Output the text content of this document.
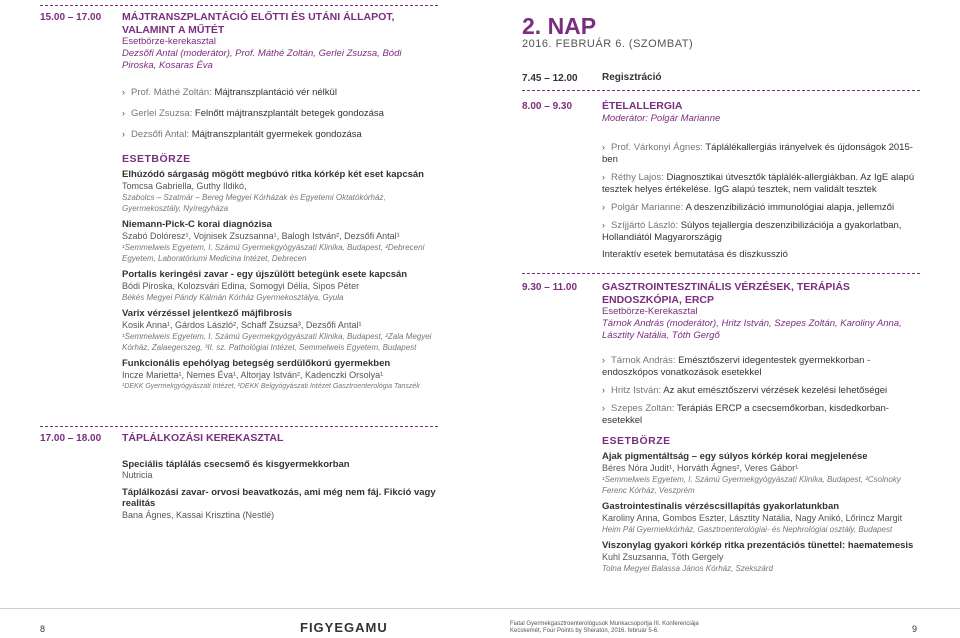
15.00 – 17.00 MÁJTRANSZPLANTÁCIÓ ELŐTTI ÉS UTÁNI ÁLLAPOT, VALAMINT A MŰTÉT
Esetbörze-kerekasztal
Dezsőfi Antal (moderátor), Prof. Máthé Zoltán, Gerlei Zsuzsa, Bódi Piroska, Kosaras Éva
› Prof. Máthé Zoltán: Májtranszplantáció vér nélkül
› Gerlei Zsuzsa: Felnőtt májtranszplantált betegek gondozása
› Dezsőfi Antal: Májtranszplantált gyermekek gondozása
ESETBÖRZE
Elhúzódó sárgaság mögött megbúvó ritka kórkép két eset kapcsán
Tomcsa Gabriella, Guthy Ildikó,
Szabolcs – Szatmár – Bereg Megyei Kórházak és Egyetemi Oktatókórház, Gyermekosztály, Nyíregyháza
Niemann-Pick-C korai diagnózisa
Szabó Dolóresz¹, Vojnisek Zsuzsanna¹, Balogh István², Dezsőfi Antal¹
¹Semmelweis Egyetem, I. Számú Gyermekgyógyászati Klinika, Budapest, ²Debreceni Egyetem, Laboratóriumi Medicina Intézet, Debrecen
Portalis keringési zavar - egy újszülött betegünk esete kapcsán
Bódi Piroska, Kolozsvári Edina, Somogyi Délia, Sipos Péter
Békés Megyei Pándy Kálmán Kórház Gyermekosztálya, Gyula
Varix vérzéssel jelentkező májfibrosis
Kosik Anna¹, Gárdos László², Schaff Zsuzsa³, Dezsőfi Antal¹
¹Semmelweis Egyetem, I. Számú Gyermekgyógyászati Klinika, Budapest, ²Zala Megyei Kórház, Zalaegerszeg, ³II. sz. Pathológiai Intézet, Semmelweis Egyetem, Budapest
Funkcionális epehólyag betegség serdülőkorú gyermekben
Incze Marietta¹, Nemes Éva¹, Altorjay István², Kadenczki Orsolya¹
¹DEKK Gyermekgyógyászati Intézet, ²DEKK Belgyógyászati Intézet Gasztroenterológia Tanszék
17.00 – 18.00 TÁPLÁLKOZÁSI KEREKASZTAL
Speciális táplálás csecsemő és kisgyermekkorban
Nutricia
Táplálkozási zavar- orvosi beavatkozás, ami még nem fáj. Fikció vagy realitás
Bana Ágnes, Kassai Krisztina (Nestlé)
2. NAP
2016. FEBRUÁR 6. (SZOMBAT)
7.45 – 12.00 Regisztráció
8.00 – 9.30	ÉTELALLERGIA
Moderátor: Polgár Marianne
› Prof. Várkonyi Ágnes: Táplálékallergiás irányelvek és újdonságok 2015-ben
› Réthy Lajos: Diagnosztikai útvesztők táplálék-allergiákban. Az IgE alapú tesztek helyes értékelése. IgG alapú tesztek, nem validált tesztek
› Polgár Marianne: A deszenzibilizáció immunológiai alapja, jellemzői
› Szíjjártó László: Súlyos tejallergia deszenzibilizációja a gyakorlatban, Hollandiától Magyarországig
Interaktív esetek bemutatása és diszkusszió
9.30 – 11.00 GASZTROINTESZTINÁLIS VÉRZÉSEK, TERÁPIÁS ENDOSZKÓPIA, ERCP
Esetbörze-Kerekasztal
Tárnok András (moderátor), Hritz István, Szepes Zoltán, Karoliny Anna, Lásztity Natália, Tóth Gergő
› Tárnok András: Emésztőszervi idegentestek gyermekkorban - endoszkópos vonatkozások esetekkel
› Hritz István: Az akut emésztőszervi vérzések kezelési lehetőségei
› Szepes Zoltán: Terápiás ERCP a csecsemőkorban, kisdedkorban-esetekkel
ESETBÖRZE
Ajak pigmentáltság – egy súlyos kórkép korai megjelenése
Béres Nóra Judit¹, Horváth Ágnes², Veres Gábor¹
¹Semmelweis Egyetem, I. Számú Gyermekgyógyászati Klinika, Budapest, ²Csolnoky Ferenc Kórház, Veszprém
Gastrointestinalis vérzéscsillapítás gyakorlatunkban
Karoliny Anna, Gombos Eszter, Lásztity Natália, Nagy Anikó, Lőrincz Margit
Heim Pál Gyermekkórház, Gasztroenterológiai- és Nephrológiai osztály, Budapest
Viszonylag gyakori kórkép ritka prezentációs tünettel: haematemesis
Kuhl Zsuzsanna, Tóth Gergely
Tolna Megyei Balassa János Kórház, Szekszárd
8	FIGYEGAMU	Fiatal Gyermekgasztroenterológusok Munkacsoportja III. Konferenciája
Kecskemét, Four Points by Sheraton, 2016. február 5-6.	9
